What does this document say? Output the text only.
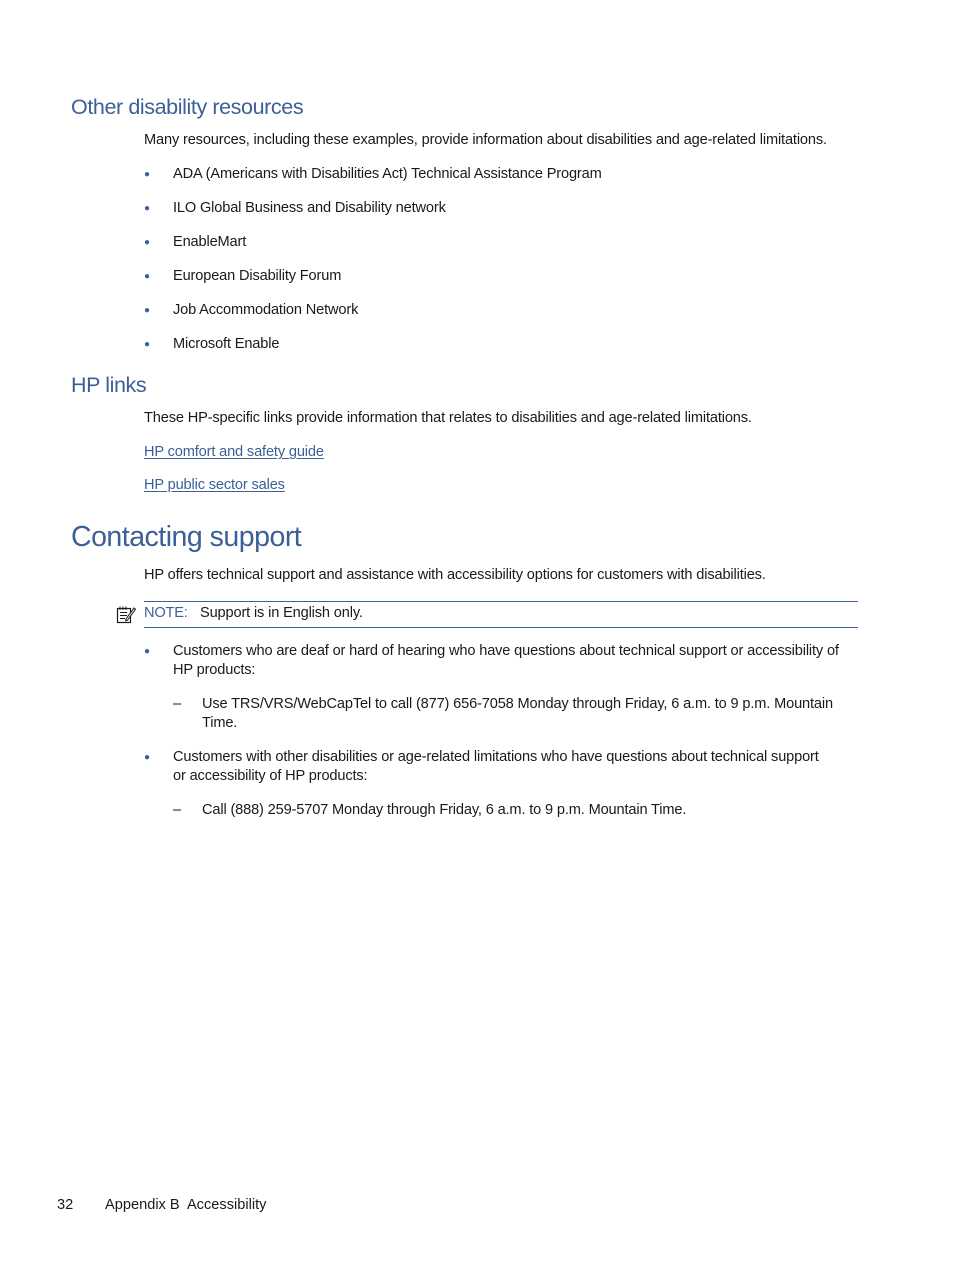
Other disability resources
Many resources, including these examples, provide information about disabilities and age-related limitations.
● ADA (Americans with Disabilities Act) Technical Assistance Program
● ILO Global Business and Disability network
● EnableMart
● European Disability Forum
● Job Accommodation Network
● Microsoft Enable
HP links
These HP-specific links provide information that relates to disabilities and age-related limitations.
HP comfort and safety guide
HP public sector sales
Contacting support
HP offers technical support and assistance with accessibility options for customers with disabilities.
NOTE: Support is in English only.
● Customers who are deaf or hard of hearing who have questions about technical support or accessibility of
HP products:
– Use TRS/VRS/WebCapTel to call (877) 656-7058 Monday through Friday, 6 a.m. to 9 p.m. Mountain
Time.
● Customers with other disabilities or age-related limitations who have questions about technical support
or accessibility of HP products:
– Call (888) 259-5707 Monday through Friday, 6 a.m. to 9 p.m. Mountain Time.
32 Appendix B  Accessibility
